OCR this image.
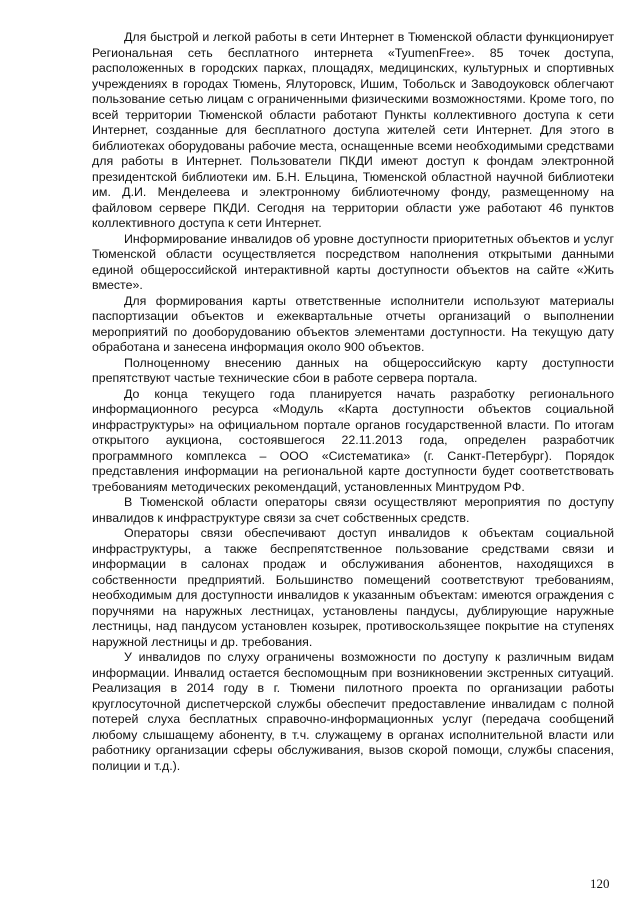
Для быстрой и легкой работы в сети Интернет в Тюменской области функционирует Региональная сеть бесплатного интернета «TyumenFree». 85 точек доступа, расположенных в городских парках, площадях, медицинских, культурных и спортивных учреждениях в городах Тюмень, Ялуторовск, Ишим, Тобольск и Заводоуковск облегчают пользование сетью лицам с ограниченными физическими возможностями. Кроме того, по всей территории Тюменской области работают Пункты коллективного доступа к сети Интернет, созданные для бесплатного доступа жителей сети Интернет. Для этого в библиотеках оборудованы рабочие места, оснащенные всеми необходимыми средствами для работы в Интернет. Пользователи ПКДИ имеют доступ к фондам электронной президентской библиотеки им. Б.Н. Ельцина, Тюменской областной научной библиотеки им. Д.И. Менделеева и электронному библиотечному фонду, размещенному на файловом сервере ПКДИ. Сегодня на территории области уже работают 46 пунктов коллективного доступа к сети Интернет.

Информирование инвалидов об уровне доступности приоритетных объектов и услуг Тюменской области осуществляется посредством наполнения открытыми данными единой общероссийской интерактивной карты доступности объектов на сайте «Жить вместе».

Для формирования карты ответственные исполнители используют материалы паспортизации объектов и ежеквартальные отчеты организаций о выполнении мероприятий по дооборудованию объектов элементами доступности. На текущую дату обработана и занесена информация около 900 объектов.

Полноценному внесению данных на общероссийскую карту доступности препятствуют частые технические сбои в работе сервера портала.

До конца текущего года планируется начать разработку регионального информационного ресурса «Модуль «Карта доступности объектов социальной инфраструктуры» на официальном портале органов государственной власти. По итогам открытого аукциона, состоявшегося 22.11.2013 года, определен разработчик программного комплекса – ООО «Систематика» (г. Санкт-Петербург). Порядок представления информации на региональной карте доступности будет соответствовать требованиям методических рекомендаций, установленных Минтрудом РФ.

В Тюменской области операторы связи осуществляют мероприятия по доступу инвалидов к инфраструктуре связи за счет собственных средств.

Операторы связи обеспечивают доступ инвалидов к объектам социальной инфраструктуры, а также беспрепятственное пользование средствами связи и информации в салонах продаж и обслуживания абонентов, находящихся в собственности предприятий. Большинство помещений соответствуют требованиям, необходимым для доступности инвалидов к указанным объектам: имеются ограждения с поручнями на наружных лестницах, установлены пандусы, дублирующие наружные лестницы, над пандусом установлен козырек, противоскользящее покрытие на ступенях наружной лестницы и др. требования.

У инвалидов по слуху ограничены возможности по доступу к различным видам информации. Инвалид остается беспомощным при возникновении экстренных ситуаций. Реализация в 2014 году в г. Тюмени пилотного проекта по организации работы круглосуточной диспетчерской службы обеспечит предоставление инвалидам с полной потерей слуха бесплатных справочно-информационных услуг (передача сообщений любому слышащему абоненту, в т.ч. служащему в органах исполнительной власти или работнику организации сферы обслуживания, вызов скорой помощи, службы спасения, полиции и т.д.).

120
